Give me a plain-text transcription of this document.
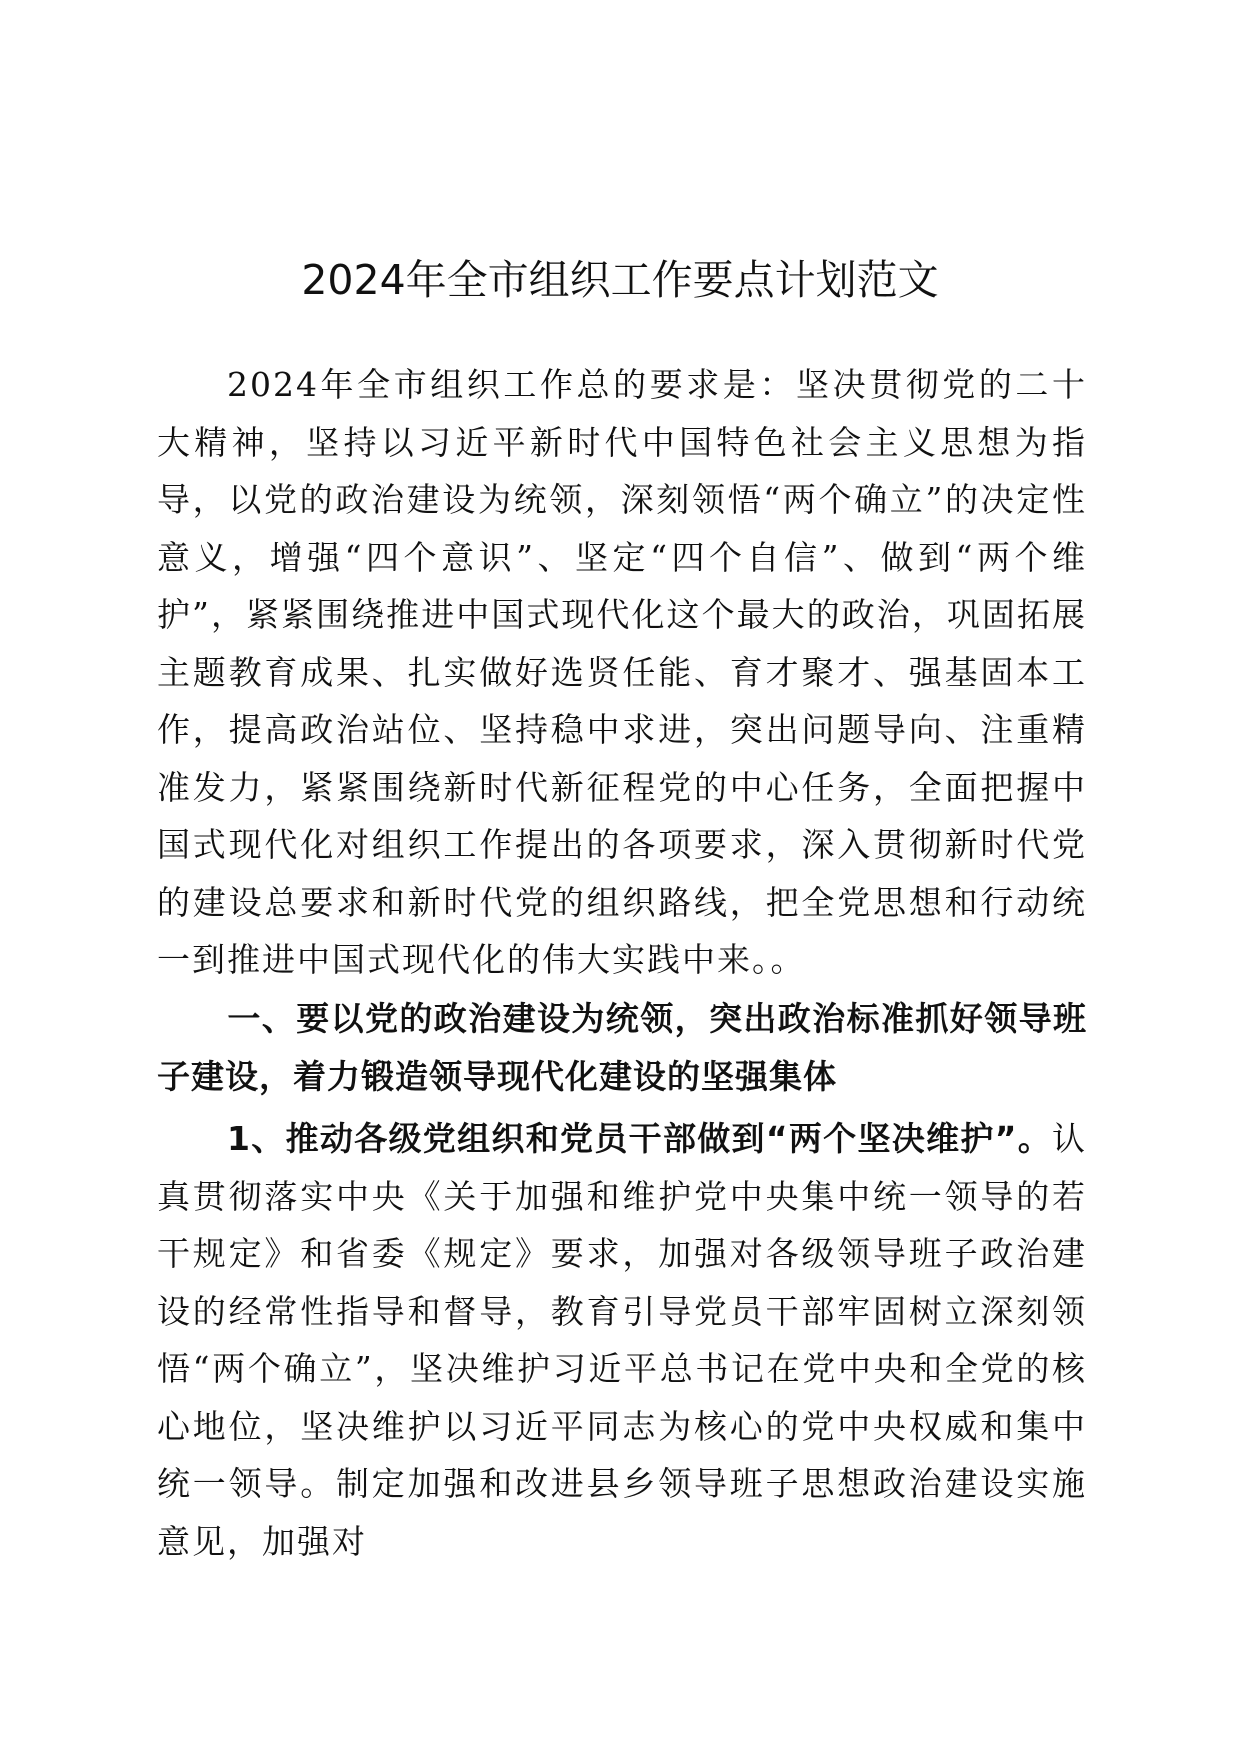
2024年全市组织工作要点计划范文
2024年全市组织工作总的要求是：坚决贯彻党的二十大精神，坚持以习近平新时代中国特色社会主义思想为指导，以党的政治建设为统领，深刻领悟“两个确立”的决定性意义，增强“四个意识”、坚定“四个自信”、做到“两个维护”，紧紧围绕推进中国式现代化这个最大的政治，巩固拓展主题教育成果、扎实做好选贤任能、育才聚才、强基固本工作，提高政治站位、坚持稳中求进，突出问题导向、注重精准发力，紧紧围绕新时代新征程党的中心任务，全面把握中国式现代化对组织工作提出的各项要求，深入贯彻新时代党的建设总要求和新时代党的组织路线，把全党思想和行动统一到推进中国式现代化的伟大实践中来。。
一、要以党的政治建设为统领，突出政治标准抓好领导班子建设，着力锻造领导现代化建设的坚强集体
1、推动各级党组织和党员干部做到“两个坚决维护”。认真贯彻落实中央《关于加强和维护党中央集中统一领导的若干规定》和省委《规定》要求，加强对各级领导班子政治建设的经常性指导和督导，教育引导党员干部牢固树立深刻领悟“两个确立”，坚决维护习近平总书记在党中央和全党的核心地位，坚决维护以习近平同志为核心的党中央权威和集中统一领导。制定加强和改进县乡领导班子思想政治建设实施意见，加强对
